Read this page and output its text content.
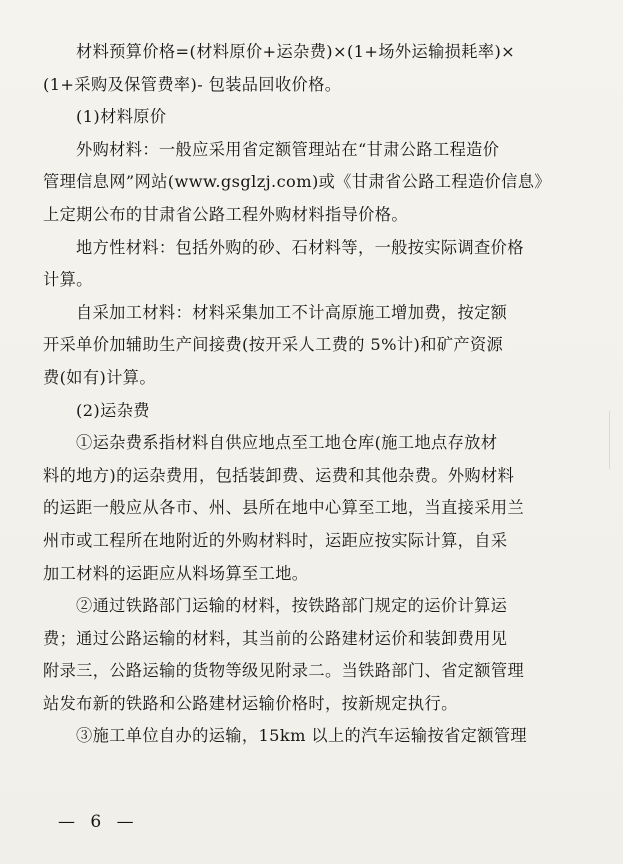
材料预算价格=(材料原价+运杂费)×(1+场外运输损耗率)×
(1+采购及保管费率)- 包装品回收价格。

(1)材料原价

外购材料：一般应采用省定额管理站在“甘肃公路工程造价
管理信息网”网站(www.gsglzj.com)或《甘肃省公路工程造价信息》
上定期公布的甘肃省公路工程外购材料指导价格。

地方性材料：包括外购的砂、石材料等，一般按实际调查价格
计算。

自采加工材料：材料采集加工不计高原施工增加费，按定额
开采单价加辅助生产间接费(按开采人工费的 5%计)和矿产资源
费(如有)计算。

(2)运杂费

①运杂费系指材料自供应地点至工地仓库(施工地点存放材
料的地方)的运杂费用，包括装卸费、运费和其他杂费。外购材料
的运距一般应从各市、州、县所在地中心算至工地，当直接采用兰
州市或工程所在地附近的外购材料时，运距应按实际计算，自采
加工材料的运距应从料场算至工地。

②通过铁路部门运输的材料，按铁路部门规定的运价计算运
费；通过公路运输的材料，其当前的公路建材运价和装卸费用见
附录三，公路运输的货物等级见附录二。当铁路部门、省定额管理
站发布新的铁路和公路建材运输价格时，按新规定执行。

③施工单位自办的运输，15km 以上的汽车运输按省定额管理

— 6 —
